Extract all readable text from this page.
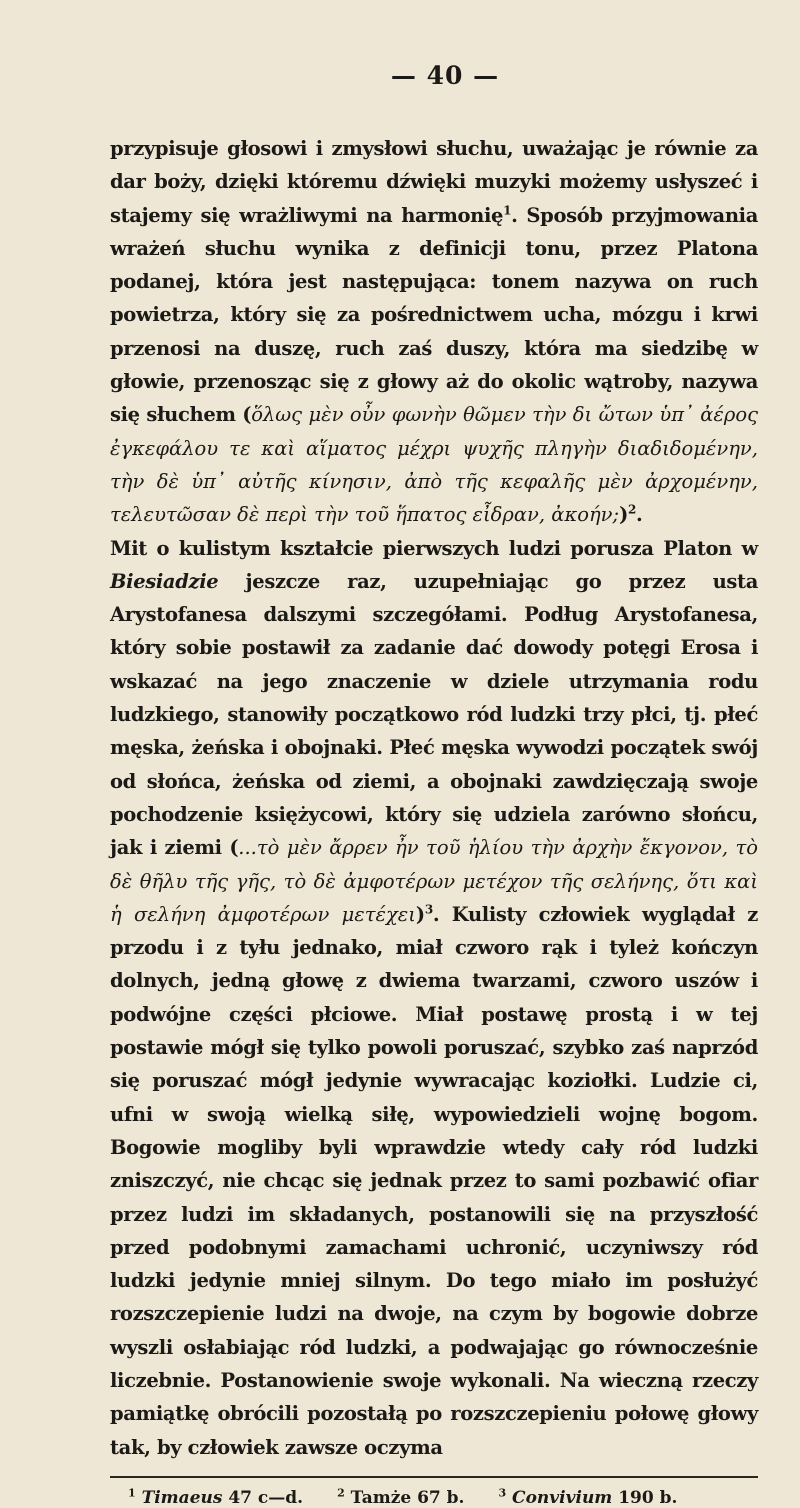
— 40 —

przypisuje głosowi i zmysłowi słuchu, uważając je równie za dar boży, dzięki któremu dźwięki muzyki możemy usłyszeć i stajemy się wrażliwymi na harmonię$^1$. Sposób przyjmowania wrażeń słuchu wynika z definicji tonu, przez Platona podanej, która jest następująca: tonem nazywa on ruch powietrza, który się za pośrednictwem ucha, mózgu i krwi przenosi na duszę, ruch zaś duszy, która ma siedzibę w głowie, przenosząc się z głowy aż do okolic wątroby, nazywa się słuchem (ὅλως μὲν οὖν φωνὴν θῶμεν τὴν δι ὤτων ὑπ᾽ ἀέρος ἐγκεφάλου τε καὶ αἵματος μέχρι ψυχῆς πληγὴν διαδιδομένην, τὴν δὲ ὑπ᾽ αὐτῆς κίνησιν, ἀπὸ τῆς κεφαλῆς μὲν ἀρχομένην, τελευτῶσαν δὲ περὶ τὴν τοῦ ἥπατος εἶδραν, ἀκοήν;)$^2$.

Mit o kulistym kształcie pierwszych ludzi porusza Platon w Biesiadzie jeszcze raz, uzupełniając go przez usta Arystofanesa dalszymi szczegółami. Podług Arystofanesa, który sobie postawił za zadanie dać dowody potęgi Erosa i wskazać na jego znaczenie w dziele utrzymania rodu ludzkiego, stanowiły początkowo ród ludzki trzy płci, tj. płeć męska, żeńska i obojnaki. Płeć męska wywodzi początek swój od słońca, żeńska od ziemi, a obojnaki zawdzięczają swoje pochodzenie księżycowi, który się udziela zarówno słońcu, jak i ziemi (...τὸ μὲν ἄρρεν ἦν τοῦ ἡλίου τὴν ἀρχὴν ἔκγονον, τὸ δὲ θῆλυ τῆς γῆς, τὸ δὲ ἀμφοτέρων μετέχον τῆς σελήνης, ὅτι καὶ ἡ σελήνη ἀμφοτέρων μετέχει)$^3$. Kulisty człowiek wyglądał z przodu i z tyłu jednako, miał czworo rąk i tyleż kończyn dolnych, jedną głowę z dwiema twarzami, czworo uszów i podwójne części płciowe. Miał postawę prostą i w tej postawie mógł się tylko powoli poruszać, szybko zaś naprzód się poruszać mógł jedynie wywracając koziołki. Ludzie ci, ufni w swoją wielką siłę, wypowiedzieli wojnę bogom. Bogowie mogliby byli wprawdzie wtedy cały ród ludzki zniszczyć, nie chcąc się jednak przez to sami pozbawić ofiar przez ludzi im składanych, postanowili się na przyszłość przed podobnymi zamachami uchronić, uczyniwszy ród ludzki jedynie mniej silnym. Do tego miało im posłużyć rozszczepienie ludzi na dwoje, na czym by bogowie dobrze wyszli osłabiając ród ludzki, a podwajając go równocześnie liczebnie. Postanowienie swoje wykonali. Na wieczną rzeczy pamiątkę obrócili pozostałą po rozszczepieniu połowę głowy tak, by człowiek zawsze oczyma

$^1$ Timaeus 47 c—d.	$^2$ Tamże 67 b.	$^3$ Convivium 190 b.
